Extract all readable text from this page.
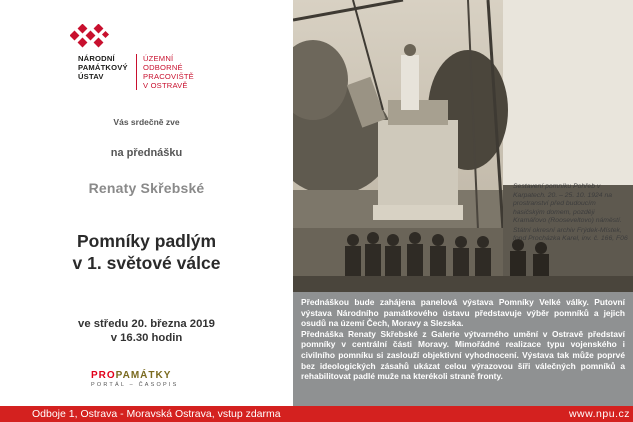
NÁRODNÍ
PAMÁTKOVÝ
ÚSTAV
ÚZEMNÍ ODBORNÉ
PRACOVIŠTĚ
V OSTRAVĚ
Vás srdečně zve
na přednášku
Renaty Skřebské
Pomníky padlým
v 1. světové válce
ve středu 20. března 2019
v 16.30 hodin
PROPAMÁTKY
PORTÁL – ČASOPIS

Sestavení pomníku Pohřeb v Karpatech. 20. – 25. 10. 1924 na prostranství před budoucím hasičským domem, později Kramářovo (Rooseveltovo) náměstí.

Státní okresní archiv Frýdek-Místek, fond Procházka Karel, inv. č. 166, F06

Přednáškou bude zahájena panelová výstava Pomníky Velké války. Putovní výstava Národního památkového ústavu představuje výběr pomníků a jejich osudů na území Čech, Moravy a Slezska.

Přednáška Renaty Skřebské z Galerie výtvarného umění v Ostravě představí pomníky v centrální části Moravy. Mimořádné realizace typu vojenského i civilního pomníku si zaslouží objektivní vyhodnocení. Výstava tak může poprvé bez ideologických zásahů ukázat celou výrazovou šíři válečných pomníků a rehabilitovat padlé muže na kterékoli straně fronty.

Odbojе 1, Ostrava - Moravská Ostrava, vstup zdarma	www.npu.cz
